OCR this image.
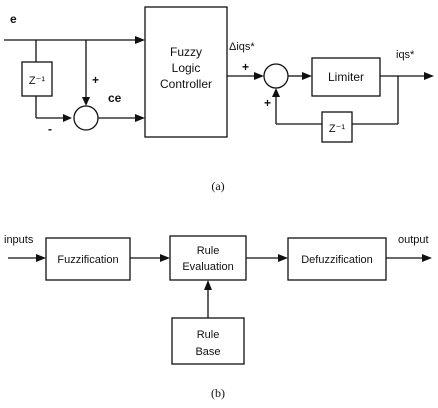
e
Z⁻¹
-
+
ce
Fuzzy
Logic
Controller
Δiqs*
+
Limiter
iqs*
Z⁻¹
+
(a)
inputs
Fuzzification
Rule
Evaluation
Defuzzification
output
Rule
Base
(b)
